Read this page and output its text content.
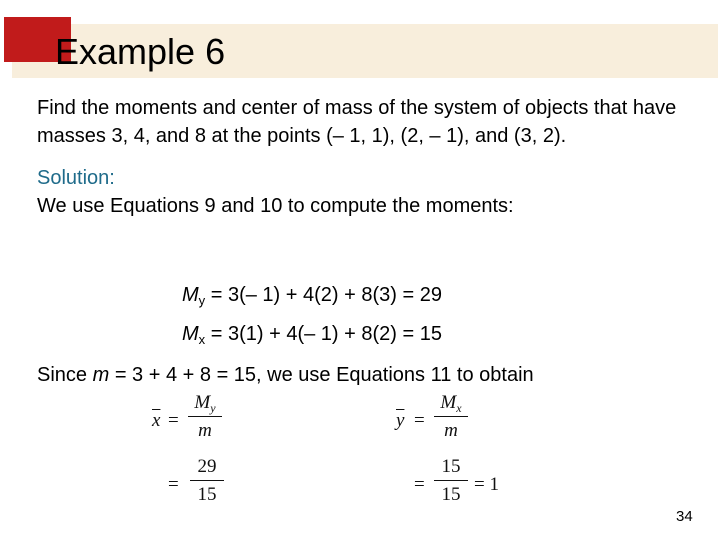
Example 6

Find the moments and center of mass of the system of objects that have masses 3, 4, and 8 at the points (– 1, 1), (2, – 1), and (3, 2).

Solution:

We use Equations 9 and 10 to compute the moments:

$M_y = 3(-$ 1) + 4(2) + 8(3) = 29
$M_x = 3(1) + 4(-$ 1) + 8(2) = 15
Since m = 3 + 4 + 8 = 15, we use Equations 11 to obtain
$\overline{x}$ =
$M_y$
m
=
29
15
$\overline{y}$ =
$M_x$
m
=
15
15 = 1
34
